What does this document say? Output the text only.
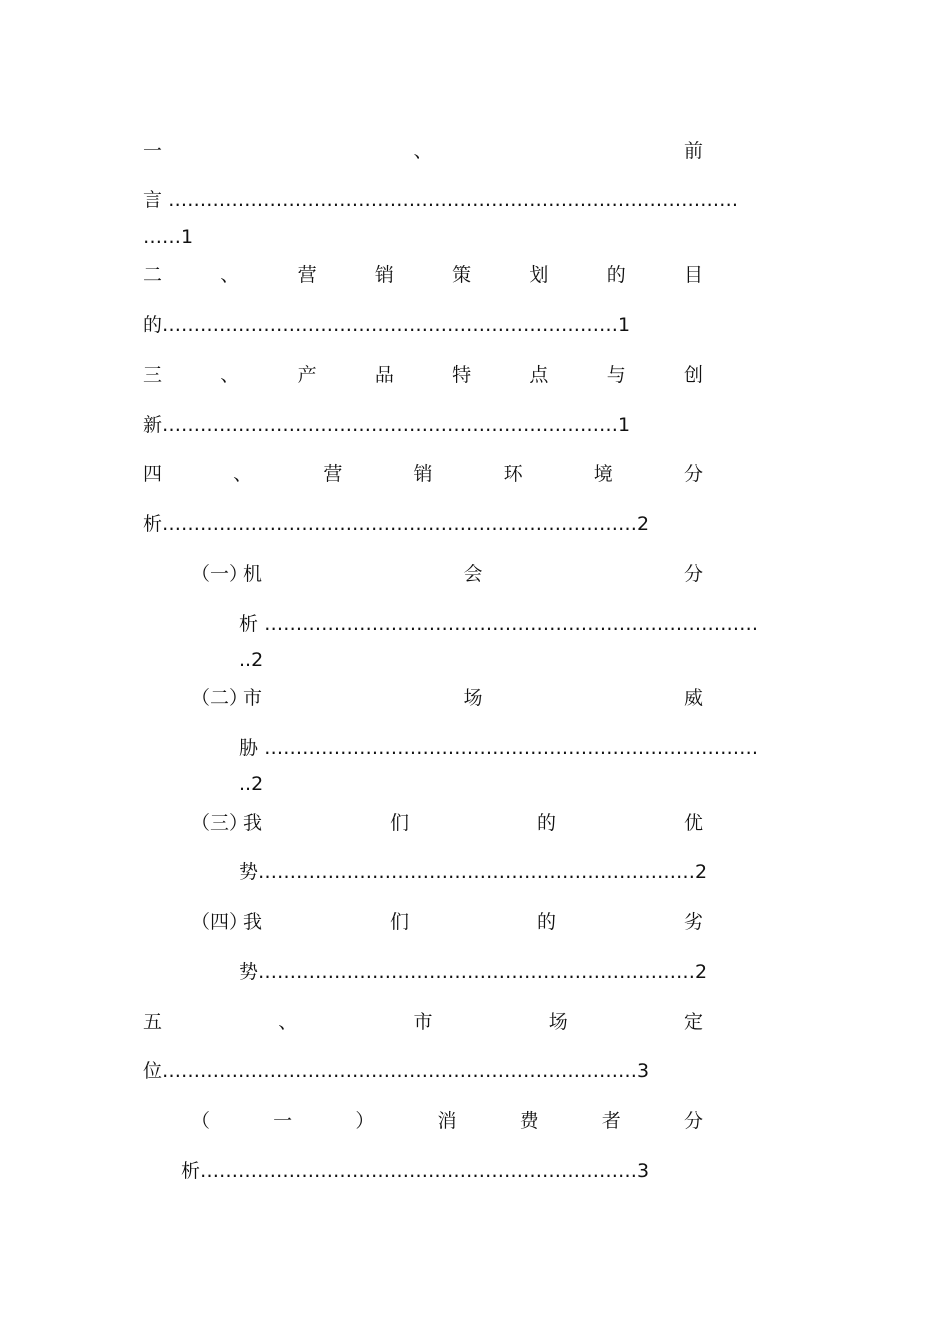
一	、	前
言 ………………………………………………………………………………
……1
二	、	营	销	策	划	的	目
的………………………………………………………………1
三	、	产	品	特	点	与	创
新………………………………………………………………1
四	、	营	销	环	境	分
析…………………………………………………………………2
（一）
机	会	分
析 ……………………………………………………………………
..2
（二）
市	场	威
胁 ……………………………………………………………………
..2
（三）
我	们	的	优
势……………………………………………………………2
（四）
我	们	的	劣
势……………………………………………………………2
五	、	市	场	定
位…………………………………………………………………3
（	一	）	消	费	者	分
析……………………………………………………………3
